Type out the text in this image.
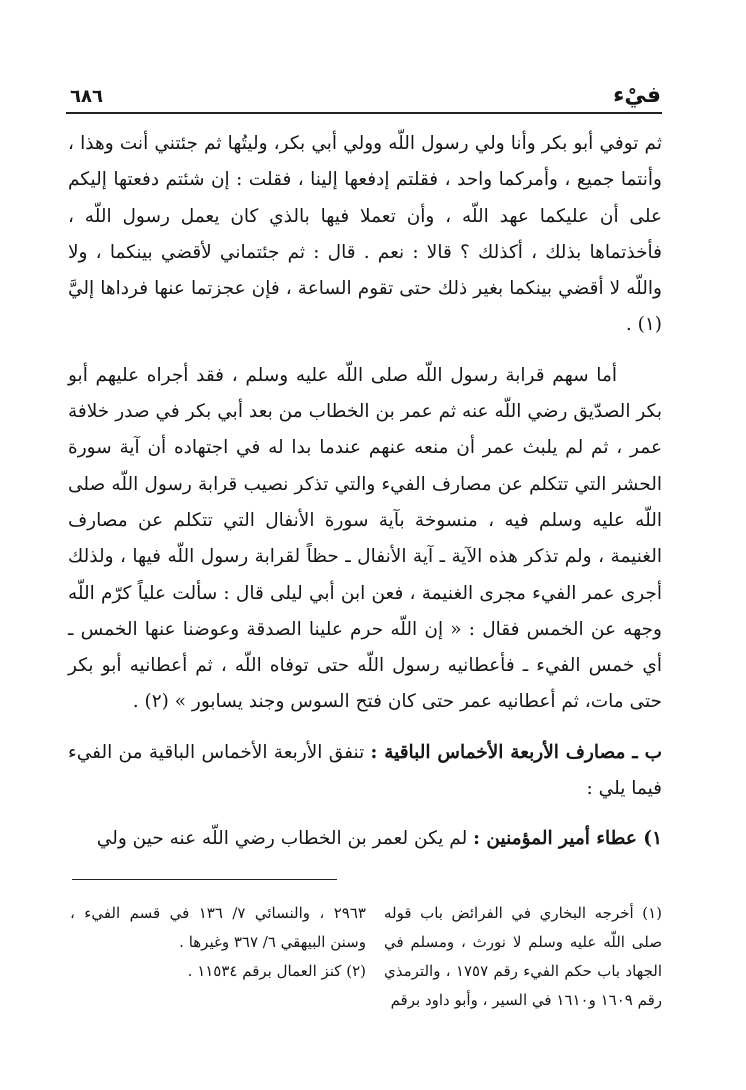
فيْء
٦٨٦

ثم توفي أبو بكر وأنا ولي رسول اللّه وولي أبي بكر، وليتُها ثم جئتني أنت وهذا ، وأنتما جميع ، وأمركما واحد ، فقلتم إدفعها إلينا ، فقلت : إن شئتم دفعتها إليكم على أن عليكما عهد اللّه ، وأن تعملا فيها بالذي كان يعمل رسول اللّه ، فأخذتماها بذلك ، أكذلك ؟ قالا : نعم . قال : ثم جئتماني لأقضي بينكما ، ولا واللّه لا أقضي بينكما بغير ذلك حتى تقوم الساعة ، فإن عجزتما عنها فرداها إليَّ (١) .

أما سهم قرابة رسول اللّه صلى اللّه عليه وسلم ، فقد أجراه عليهم أبو بكر الصدّيق رضي اللّه عنه ثم عمر بن الخطاب من بعد أبي بكر في صدر خلافة عمر ، ثم لم يلبث عمر أن منعه عنهم عندما بدا له في اجتهاده أن آية سورة الحشر التي تتكلم عن مصارف الفيء والتي تذكر نصيب قرابة رسول اللّه صلى اللّه عليه وسلم فيه ، منسوخة بآية سورة الأنفال التي تتكلم عن مصارف الغنيمة ، ولم تذكر هذه الآية ـ آية الأنفال ـ حظاً لقرابة رسول اللّه فيها ، ولذلك أجرى عمر الفيء مجرى الغنيمة ، فعن ابن أبي ليلى قال : سألت علياً كرّم اللّه وجهه عن الخمس فقال : « إن اللّه حرم علينا الصدقة وعوضنا عنها الخمس ـ أي خمس الفيء ـ فأعطانيه رسول اللّه حتى توفاه اللّه ، ثم أعطانيه أبو بكر حتى مات، ثم أعطانيه عمر حتى كان فتح السوس وجند يسابور » (٢) .

ب ـ مصارف الأربعة الأخماس الباقية : تنفق الأربعة الأخماس الباقية من الفيء فيما يلي :

١) عطاء أمير المؤمنين : لم يكن لعمر بن الخطاب رضي اللّه عنه حين ولي

(١) أخرجه البخاري في الفرائض باب قوله صلى اللّه عليه وسلم لا نورث ، ومسلم في الجهاد باب حكم الفيء رقم ١٧٥٧ ، والترمذي رقم ١٦٠٩ و١٦١٠ في السير ، وأبو داود برقم

٢٩٦٣ ، والنسائي ٧/ ١٣٦ في قسم الفيء ، وسنن البيهقي ٦/ ٣٦٧ وغيرها .

(٢) كنز العمال برقم ١١٥٣٤ .
